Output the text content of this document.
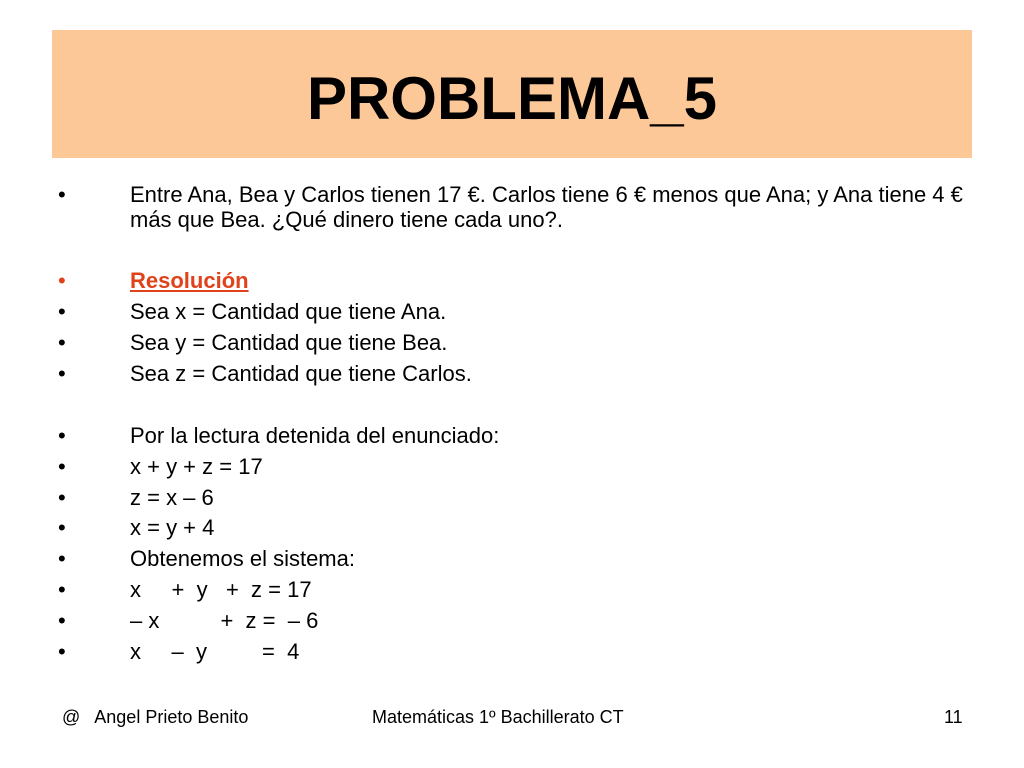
PROBLEMA_5
•	Entre Ana, Bea y Carlos tienen 17 €. Carlos tiene 6 € menos que Ana; y Ana tiene 4 € más que Bea. ¿Qué dinero tiene cada uno?.
•	Resolución
•	Sea x = Cantidad que tiene Ana.
•	Sea y = Cantidad que tiene Bea.
•	Sea z = Cantidad que tiene Carlos.
•	Por la lectura detenida del enunciado:
•	x + y + z = 17
•	z = x – 6
•	x = y + 4
•	Obtenemos el sistema:
•	x     +  y   +  z = 17
•	– x          +  z =  – 6
•	x     –  y         =  4
@   Angel Prieto Benito	Matemáticas 1º Bachillerato CT	11
